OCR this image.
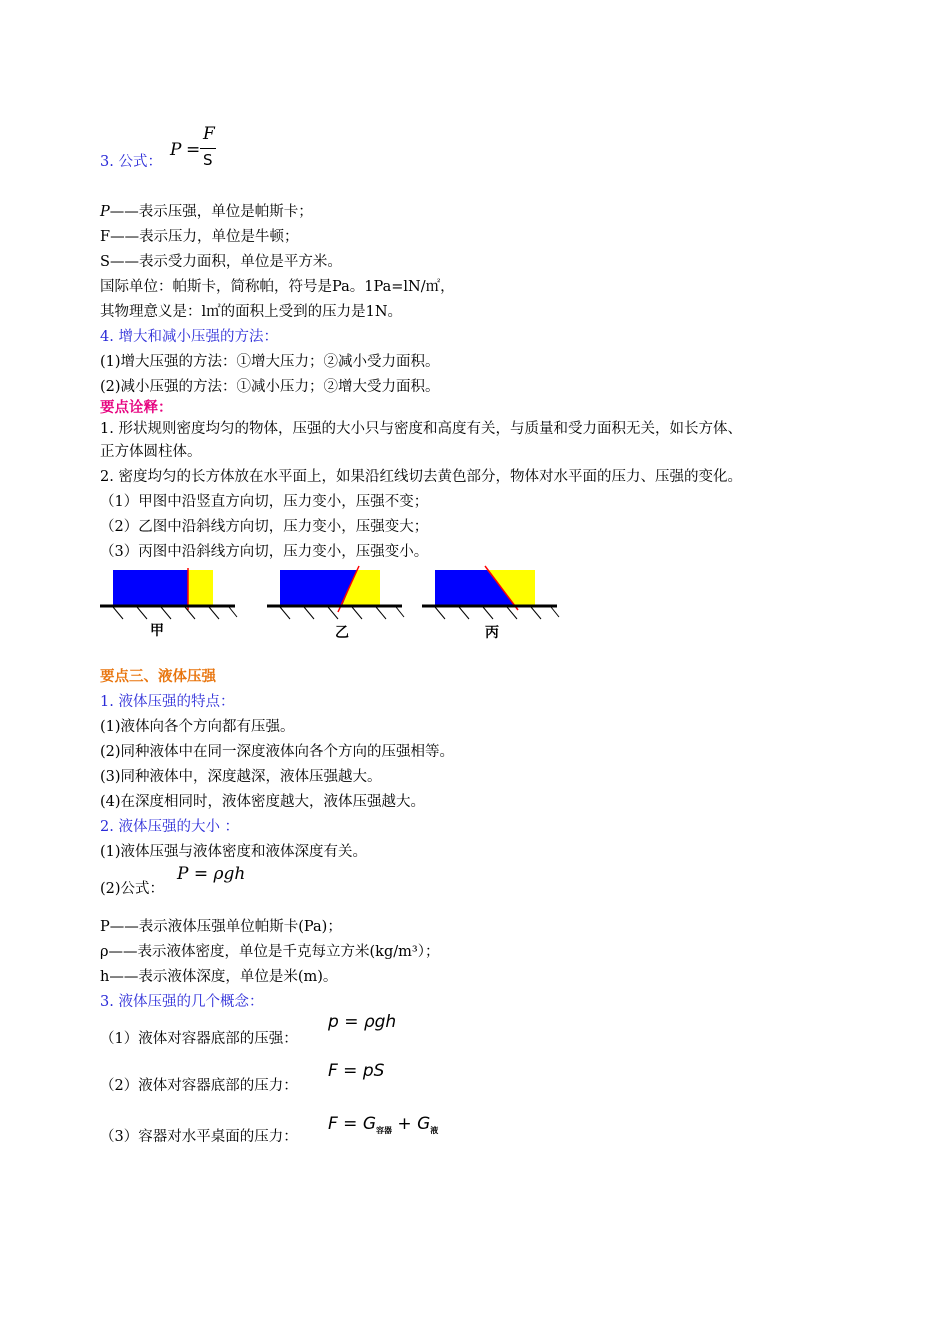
3. 公式：
P =
F
S
P——表示压强，单位是帕斯卡；
F——表示压力，单位是牛顿；
S——表示受力面积，单位是平方米。
国际单位：帕斯卡，简称帕，符号是Pa。1Pa=lN/㎡，
其物理意义是：l㎡的面积上受到的压力是1N。
4. 增大和减小压强的方法：
(1)增大压强的方法：①增大压力；②减小受力面积。
(2)减小压强的方法：①减小压力；②增大受力面积。
要点诠释：
1. 形状规则密度均匀的物体，压强的大小只与密度和高度有关，与质量和受力面积无关，如长方体、
正方体圆柱体。
2. 密度均匀的长方体放在水平面上，如果沿红线切去黄色部分，物体对水平面的压力、压强的变化。
（1）甲图中沿竖直方向切，压力变小，压强不变；
（2）乙图中沿斜线方向切，压力变小，压强变大；
（3）丙图中沿斜线方向切，压力变小，压强变小。
甲	乙	丙
要点三、液体压强
1. 液体压强的特点：
(1)液体向各个方向都有压强。
(2)同种液体中在同一深度液体向各个方向的压强相等。
(3)同种液体中，深度越深，液体压强越大。
(4)在深度相同时，液体密度越大，液体压强越大。
2. 液体压强的大小 ：
(1)液体压强与液体密度和液体深度有关。
(2)公式：
P = ρgh
P——表示液体压强单位帕斯卡(Pa)；
ρ——表示液体密度，单位是千克每立方米(kg/m³）；
h——表示液体深度，单位是米(m)。
3. 液体压强的几个概念：
（1）液体对容器底部的压强：
p = ρgh
（2）液体对容器底部的压力：
F = pS
（3）容器对水平桌面的压力：
$F = G_{容器} + G_液$
